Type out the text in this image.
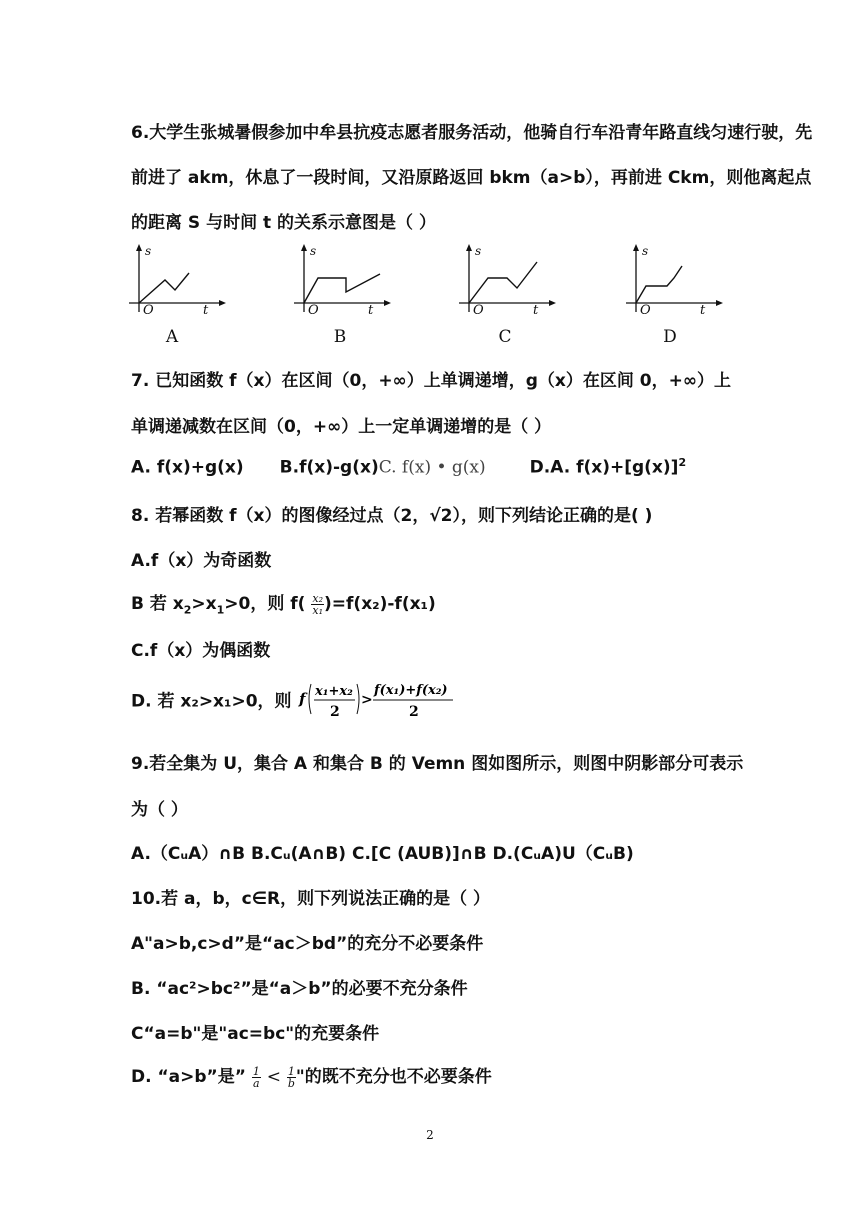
6.大学生张城暑假参加中牟县抗疫志愿者服务活动，他骑自行车沿青年路直线匀速行驶，先
前进了 akm，休息了一段时间，又沿原路返回 bkm（a>b），再前进 Ckm，则他离起点
的距离 S 与时间 t 的关系示意图是（ ）
s
O	t
A
s
O	t
B
s
O	t
C
s
O	t
D
7. 已知函数 f（x）在区间（0，+∞）上单调递增，g（x）在区间 0，+∞）上
单调递减数在区间（0，+∞）上一定单调递增的是（ ）
A. f(x)+g(x) B.f(x)-g(x)C. f(x) • g(x)	D.A. $f(x)+[g(x)]^2$
8. 若幂函数 f（x）的图像经过点（2，√2），则下列结论正确的是( )
A.f（x）为奇函数
B 若 $x_2>x_1>0$，则 $f( \frac{\text{x₂}}{\text{x₁}} )=f(x_2)-f(x_1)$
C.f（x）为偶函数
D. 若 x₂>x₁>0，则 f x₁+x₂
2
>
f(x₁)+f(x₂)
2
9.若全集为 U，集合 A 和集合 B 的 Vemn 图如图所示，则图中阴影部分可表示
为（ ）
A.（CᵤA）∩B B.Cᵤ(A∩B) C.[C (AUB)]∩B D.(CᵤA)U（CᵤB)
10.若 a，b，c∈R，则下列说法正确的是（ ）
A"a>b,c>d”是“ac＞bd”的充分不必要条件
B. “ac²>bc²”是“a＞b”的必要不充分条件
C“a=b"是"ac=bc"的充要条件
D. “a>b”是” $\frac{1}{a} < \frac{1}{b}$ "的既不充分也不必要条件
2
